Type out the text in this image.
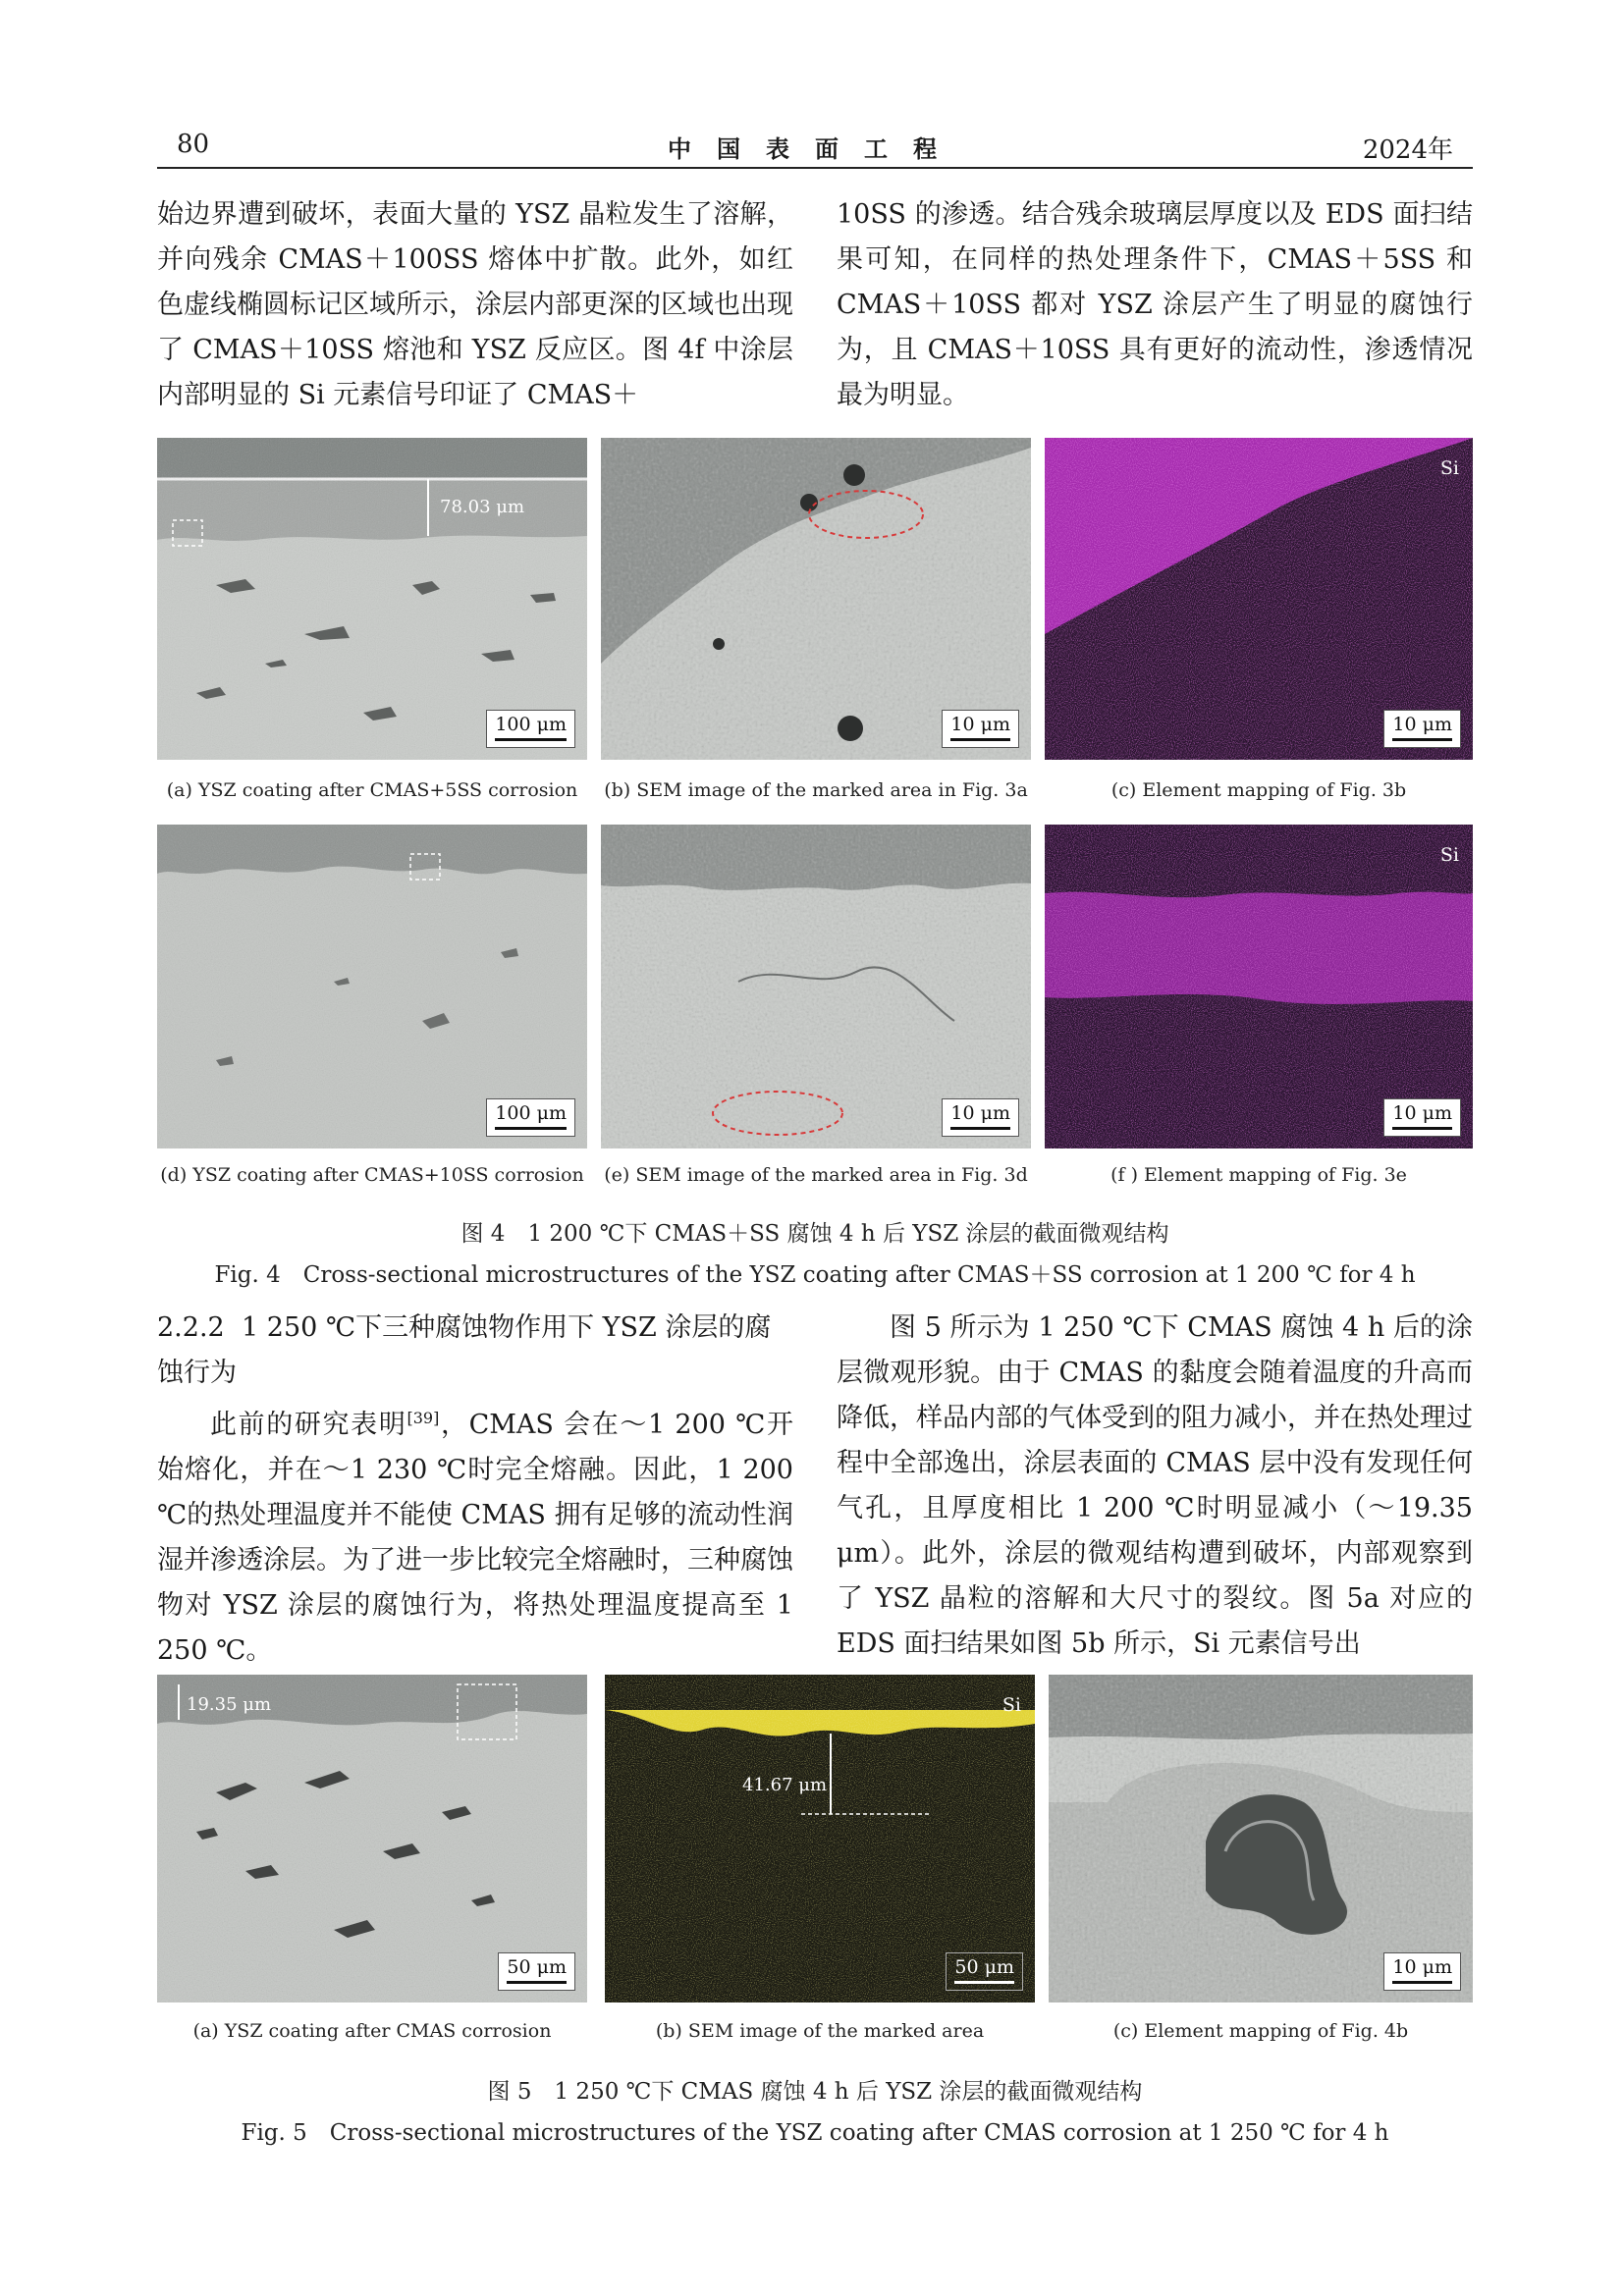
80	中国表面工程	2024年

始边界遭到破坏，表面大量的 YSZ 晶粒发生了溶解，并向残余 CMAS＋100SS 熔体中扩散。此外，如红色虚线椭圆标记区域所示，涂层内部更深的区域也出现了 CMAS＋10SS 熔池和 YSZ 反应区。图 4f 中涂层内部明显的 Si 元素信号印证了 CMAS＋

10SS 的渗透。结合残余玻璃层厚度以及 EDS 面扫结果可知，在同样的热处理条件下，CMAS＋5SS 和 CMAS＋10SS 都对 YSZ 涂层产生了明显的腐蚀行为，且 CMAS＋10SS 具有更好的流动性，渗透情况最为明显。

78.03 μm
100 μm	10 μm
Si
10 μm
(a) YSZ coating after CMAS+5SS corrosion	(b) SEM image of the marked area in Fig. 3a	(c) Element mapping of Fig. 3b
100 μm	10 μm
Si
10 μm
(d) YSZ coating after CMAS+10SS corrosion (e) SEM image of the marked area in Fig. 3d	(f ) Element mapping of Fig. 3e
图 4　1 200 ℃下 CMAS＋SS 腐蚀 4 h 后 YSZ 涂层的截面微观结构
Fig. 4　Cross-sectional microstructures of the YSZ coating after CMAS＋SS corrosion at 1 200 ℃ for 4 h

2.2.2 1 250 ℃下三种腐蚀物作用下 YSZ 涂层的腐

蚀行为

此前的研究表明[39]，CMAS 会在～1 200 ℃开始熔化，并在～1 230 ℃时完全熔融。因此，1 200 ℃的热处理温度并不能使 CMAS 拥有足够的流动性润湿并渗透涂层。为了进一步比较完全熔融时，三种腐蚀物对 YSZ 涂层的腐蚀行为，将热处理温度提高至 1 250 ℃。

图 5 所示为 1 250 ℃下 CMAS 腐蚀 4 h 后的涂层微观形貌。由于 CMAS 的黏度会随着温度的升高而降低，样品内部的气体受到的阻力减小，并在热处理过程中全部逸出，涂层表面的 CMAS 层中没有发现任何气孔，且厚度相比 1 200 ℃时明显减小（～19.35 μm）。此外，涂层的微观结构遭到破坏，内部观察到了 YSZ 晶粒的溶解和大尺寸的裂纹。图 5a 对应的 EDS 面扫结果如图 5b 所示，Si 元素信号出

19.35 μm
50 μm
Si
41.67 μm
50 μm	10 μm
(a) YSZ coating after CMAS corrosion	(b) SEM image of the marked area	(c) Element mapping of Fig. 4b
图 5　1 250 ℃下 CMAS 腐蚀 4 h 后 YSZ 涂层的截面微观结构
Fig. 5　Cross-sectional microstructures of the YSZ coating after CMAS corrosion at 1 250 ℃ for 4 h
